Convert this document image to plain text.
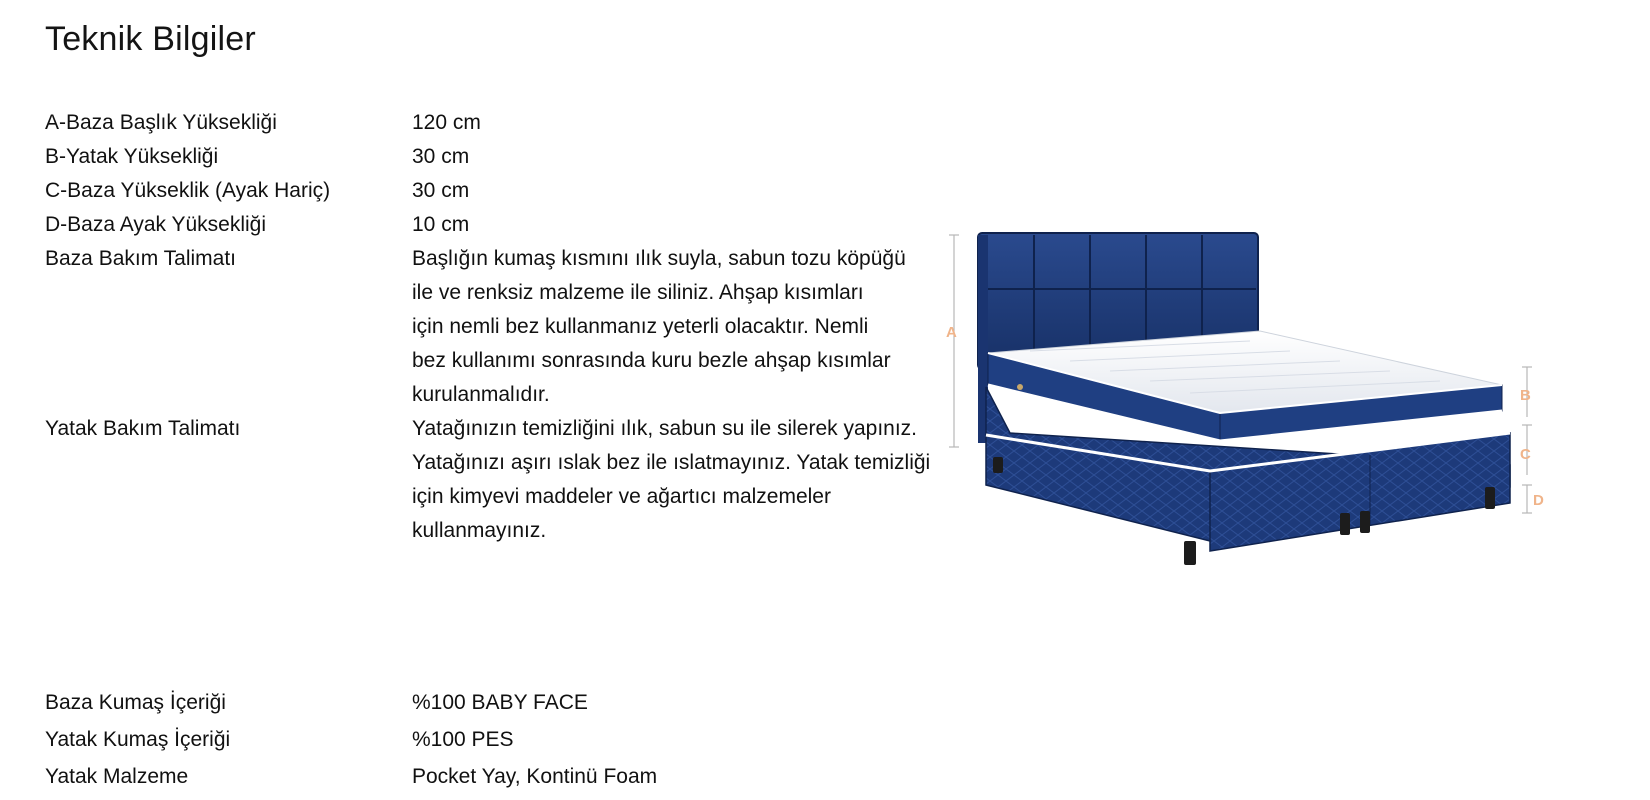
Teknik Bilgiler
A-Baza Başlık Yüksekliği	120 cm
B-Yatak Yüksekliği	30 cm
C-Baza Yükseklik (Ayak Hariç)	30 cm
D-Baza Ayak Yüksekliği	10 cm
Baza Bakım Talimatı	Başlığın kumaş kısmını ılık suyla, sabun tozu köpüğü
ile ve renksiz malzeme ile siliniz. Ahşap kısımları
için nemli bez kullanmanız yeterli olacaktır. Nemli
bez kullanımı sonrasında kuru bezle ahşap kısımlar
kurulanmalıdır.
Yatak Bakım Talimatı	Yatağınızın temizliğini ılık, sabun su ile silerek yapınız.
Yatağınızı aşırı ıslak bez ile ıslatmayınız. Yatak temizliği
için kimyevi maddeler ve ağartıcı malzemeler
kullanmayınız.
Baza Kumaş İçeriği	%100 BABY FACE
Yatak Kumaş İçeriği	%100 PES
Yatak Malzeme	Pocket Yay, Kontinü Foam
A
B
C
D
